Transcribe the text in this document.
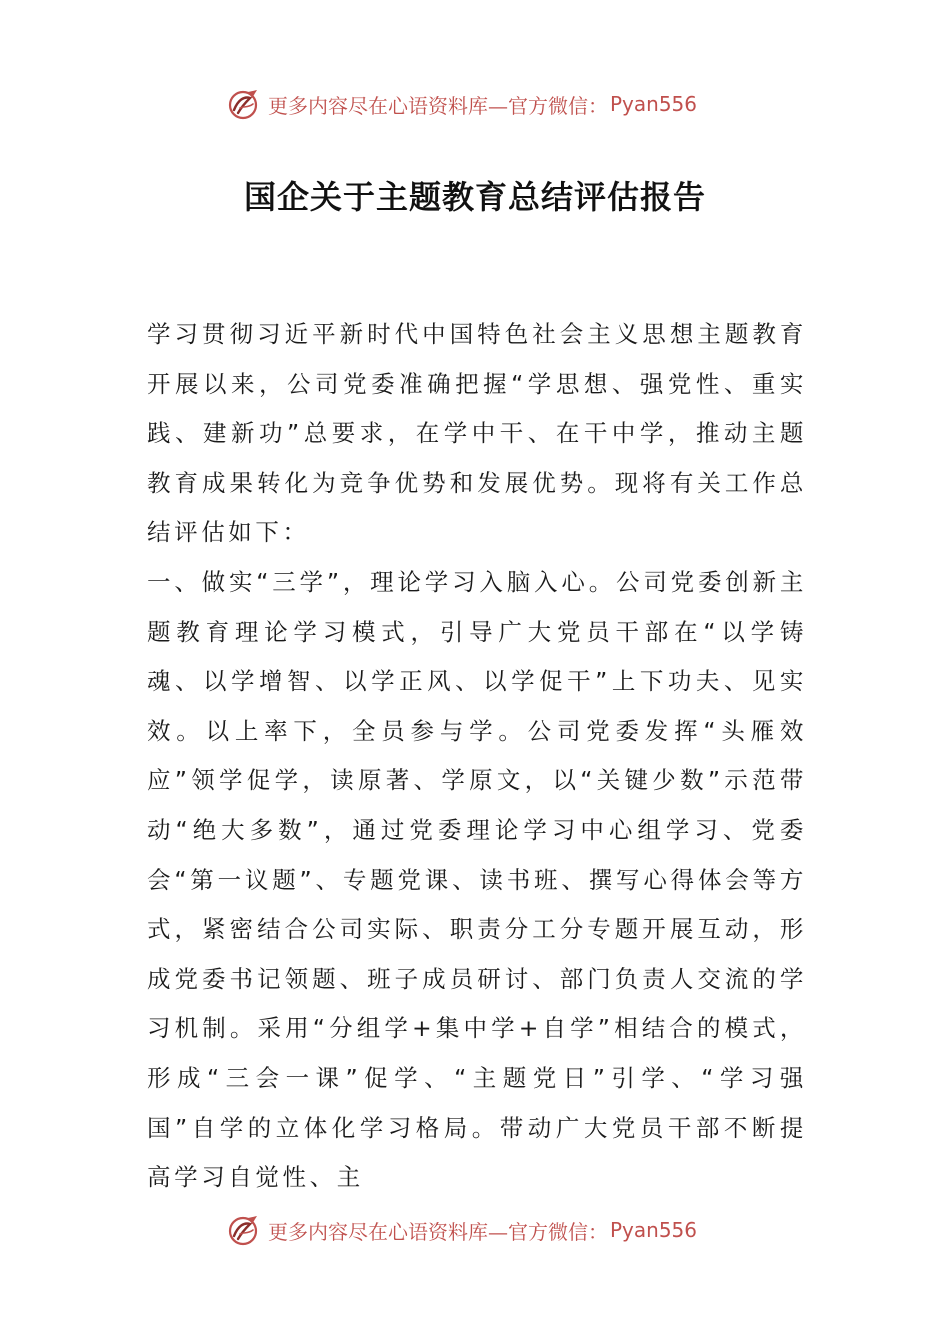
更多内容尽在心语资料库—官方微信： Pyan556
国企关于主题教育总结评估报告

学习贯彻习近平新时代中国特色社会主义思想主题教育开展以来，公司党委准确把握“学思想、强党性、重实践、建新功”总要求，在学中干、在干中学，推动主题教育成果转化为竞争优势和发展优势。现将有关工作总结评估如下：

一、做实“三学”，理论学习入脑入心。公司党委创新主题教育理论学习模式，引导广大党员干部在“以学铸魂、以学增智、以学正风、以学促干”上下功夫、见实效。以上率下，全员参与学。公司党委发挥“头雁效应”领学促学，读原著、学原文，以“关键少数”示范带动“绝大多数”，通过党委理论学习中心组学习、党委会“第一议题”、专题党课、读书班、撰写心得体会等方式，紧密结合公司实际、职责分工分专题开展互动，形成党委书记领题、班子成员研讨、部门负责人交流的学习机制。采用“分组学+集中学+自学”相结合的模式，形成“三会一课”促学、“主题党日”引学、“学习强国”自学的立体化学习格局。带动广大党员干部不断提高学习自觉性、主

更多内容尽在心语资料库—官方微信： Pyan556
